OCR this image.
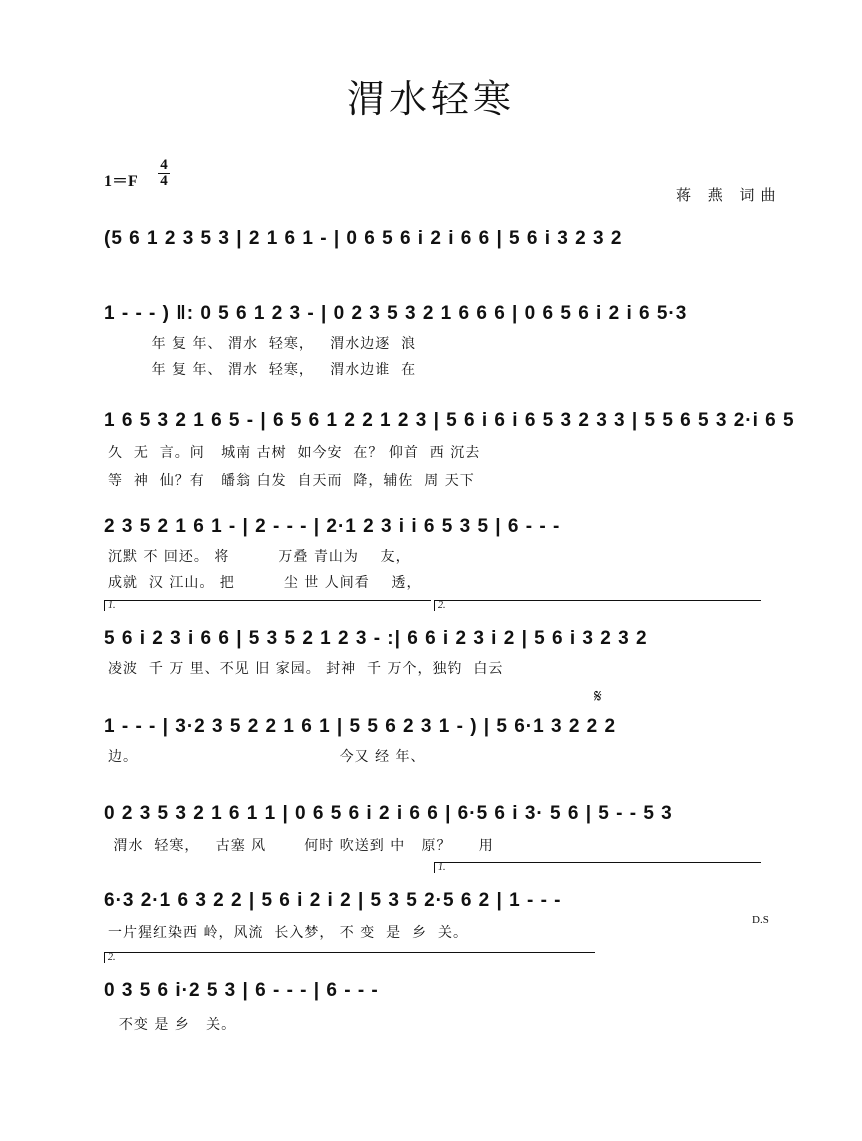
渭水轻寒
1＝F
4
4
蒋 燕 词曲
(5 6 1 2 3 5 3 | 2 1 6 1 - | 0 6 5 6 i 2 i 6 6 | 5 6 i 3 2 3 2
1 - - - ) ‖: 0 5 6 1 2 3 - | 0 2 3 5 3 2 1 6 6 6 | 0 6 5 6 i 2 i 6 5·3
年 复 年、 渭水  轻寒，   渭水边逐  浪
年 复 年、 渭水  轻寒，   渭水边谁  在
1 6 5 3 2 1 6 5 - | 6 5 6 1 2 2 1 2 3 | 5 6 i 6 i 6 5 3 2 3 3 | 5 5 6 5 3 2·i 6 5
久  无  言。问   城南 古树  如今安  在？ 仰首  西 沉去
等  神  仙？有   皤翁 白发  自天而  降，辅佐  周 天下
2 3 5 2 1 6 1 - | 2 - - - | 2·1 2 3 i i 6 5 3 5 | 6 - - -
沉默 不 回还。 将         万叠 青山为    友，
成就  汉 江山。 把         尘 世 人间看    透，
1.	2.
5 6 i 2 3 i 6 6 | 5 3 5 2 1 2 3 - :| 6 6 i 2 3 i 2 | 5 6 i 3 2 3 2
凌波  千 万 里、不见 旧 家园。 封神  千 万个，独钓  白云
𝄋
1 - - - | 3·2 3 5 2 2 1 6 1 | 5 5 6 2 3 1 - ) | 5 6·1 3 2 2 2
边。                                     今又 经 年、
0 2 3 5 3 2 1 6 1 1 | 0 6 5 6 i 2 i 6 6 | 6·5 6 i 3· 5 6 | 5 - - 5 3
渭水  轻寒，   古塞 风       何时 吹送到 中   原？     用
1.
6·3 2·1 6 3 2 2 | 5 6 i 2 i 2 | 5 3 5 2·5 6 2 | 1 - - -
一片猩红染西 岭，风流  长入梦， 不 变  是  乡  关。
D.S
2.
0 3 5 6 i·2 5 3 | 6 - - - | 6 - - -
不变 是 乡   关。
